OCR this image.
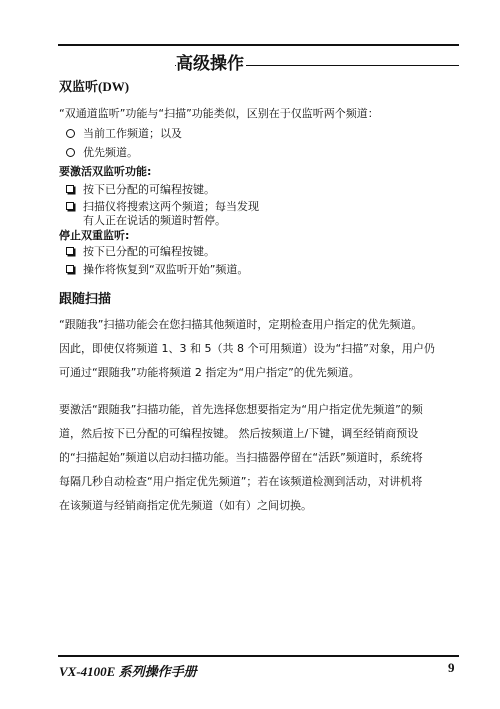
高级操作
双监听(DW)
“双通道监听”功能与“扫描”功能类似，区别在于仅监听两个频道：
当前工作频道；以及
优先频道。
要激活双监听功能:
按下已分配的可编程按键。
扫描仪将搜索这两个频道；每当发现
有人正在说话的频道时暂停。
停止双重监听:
按下已分配的可编程按键。
操作将恢复到“双监听开始”频道。
跟随扫描
“跟随我”扫描功能会在您扫描其他频道时，定期检查用户指定的优先频道。
因此，即使仅将频道 1、3 和 5（共 8 个可用频道）设为“扫描”对象，用户仍
可通过“跟随我”功能将频道 2 指定为“用户指定”的优先频道。
要激活“跟随我”扫描功能，首先选择您想要指定为“用户指定优先频道”的频
道，然后按下已分配的可编程按键。 然后按频道上/下键，调至经销商预设
的“扫描起始”频道以启动扫描功能。当扫描器停留在“活跃”频道时，系统将
每隔几秒自动检查“用户指定优先频道”；若在该频道检测到活动，对讲机将
在该频道与经销商指定优先频道（如有）之间切换。
VX-4100E 系列操作手册	9
